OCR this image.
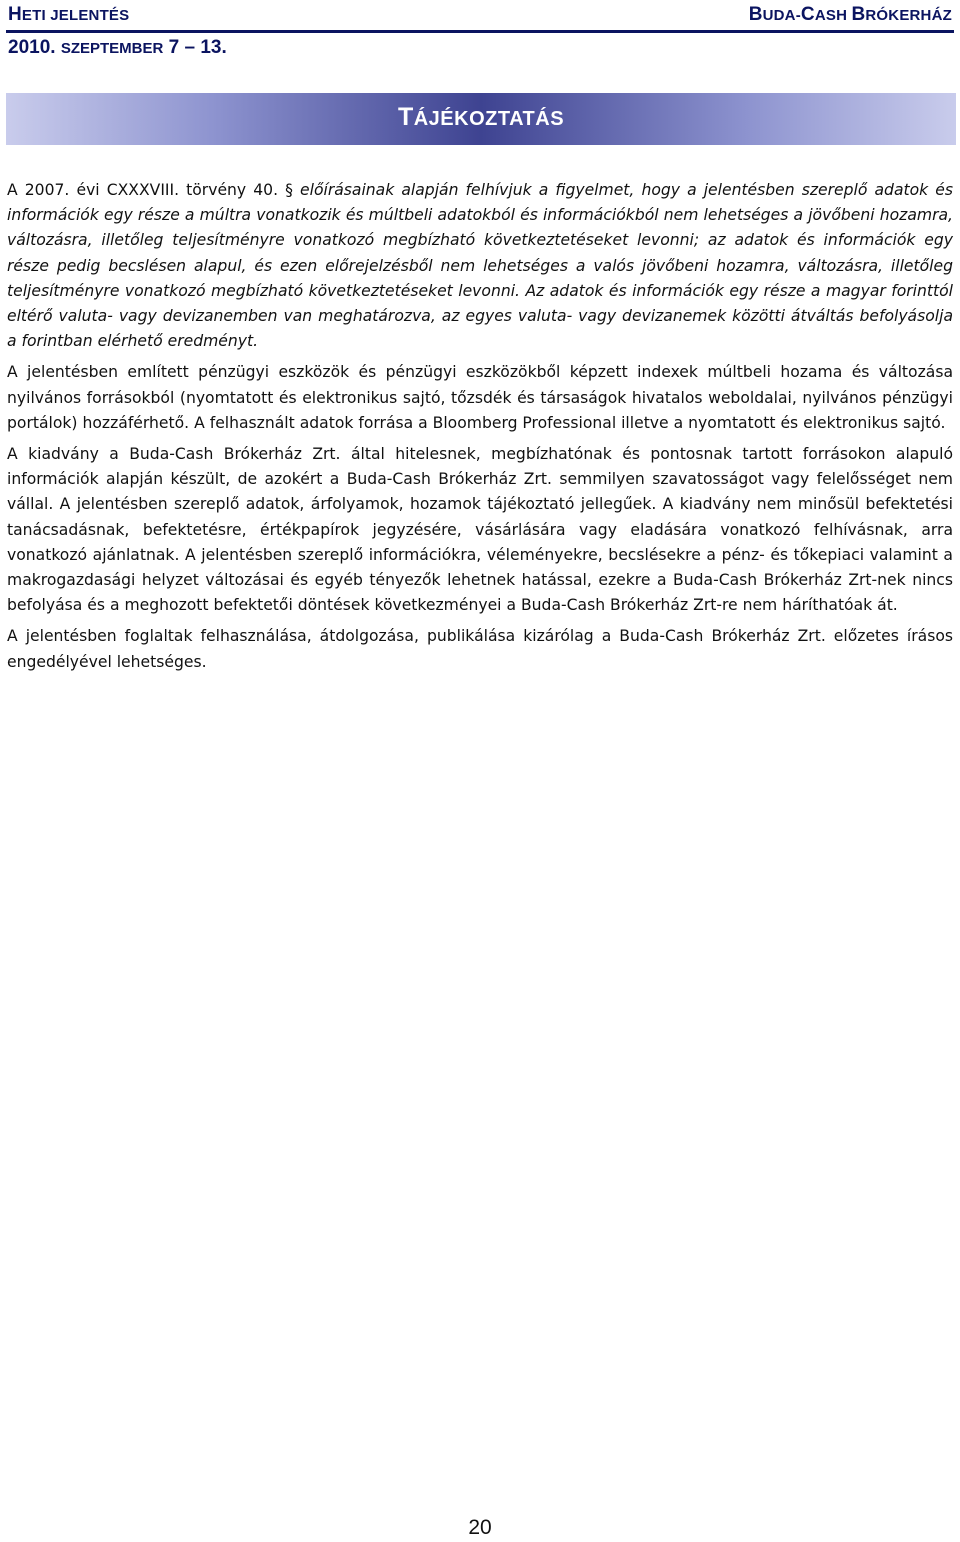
HETI JELENTÉS	BUDA-CASH BRÓKERHÁZ
2010. SZEPTEMBER 7 – 13.
TÁJÉKOZTATÁS

A 2007. évi CXXXVIII. törvény 40. § előírásainak alapján felhívjuk a figyelmet, hogy a jelentésben szereplő adatok és információk egy része a múltra vonatkozik és múltbeli adatokból és információkból nem lehetséges a jövőbeni hozamra, változásra, illetőleg teljesítményre vonatkozó megbízható következtetéseket levonni; az adatok és információk egy része pedig becslésen alapul, és ezen előrejelzésből nem lehetséges a valós jövőbeni hozamra, változásra, illetőleg teljesítményre vonatkozó megbízható következtetéseket levonni. Az adatok és információk egy része a magyar forinttól eltérő valuta- vagy devizanemben van meghatározva, az egyes valuta- vagy devizanemek közötti átváltás befolyásolja a forintban elérhető eredményt.

A jelentésben említett pénzügyi eszközök és pénzügyi eszközökből képzett indexek múltbeli hozama és változása nyilvános forrásokból (nyomtatott és elektronikus sajtó, tőzsdék és társaságok hivatalos weboldalai, nyilvános pénzügyi portálok) hozzáférhető. A felhasznált adatok forrása a Bloomberg Professional illetve a nyomtatott és elektronikus sajtó.

A kiadvány a Buda-Cash Brókerház Zrt. által hitelesnek, megbízhatónak és pontosnak tartott forrásokon alapuló információk alapján készült, de azokért a Buda-Cash Brókerház Zrt. semmilyen szavatosságot vagy felelősséget nem vállal. A jelentésben szereplő adatok, árfolyamok, hozamok tájékoztató jellegűek. A kiadvány nem minősül befektetési tanácsadásnak, befektetésre, értékpapírok jegyzésére, vásárlására vagy eladására vonatkozó felhívásnak, arra vonatkozó ajánlatnak. A jelentésben szereplő információkra, véleményekre, becslésekre a pénz- és tőkepiaci valamint a makrogazdasági helyzet változásai és egyéb tényezők lehetnek hatással, ezekre a Buda-Cash Brókerház Zrt-nek nincs befolyása és a meghozott befektetői döntések következményei a Buda-Cash Brókerház Zrt-re nem háríthatóak át.

A jelentésben foglaltak felhasználása, átdolgozása, publikálása kizárólag a Buda-Cash Brókerház Zrt. előzetes írásos engedélyével lehetséges.

20
